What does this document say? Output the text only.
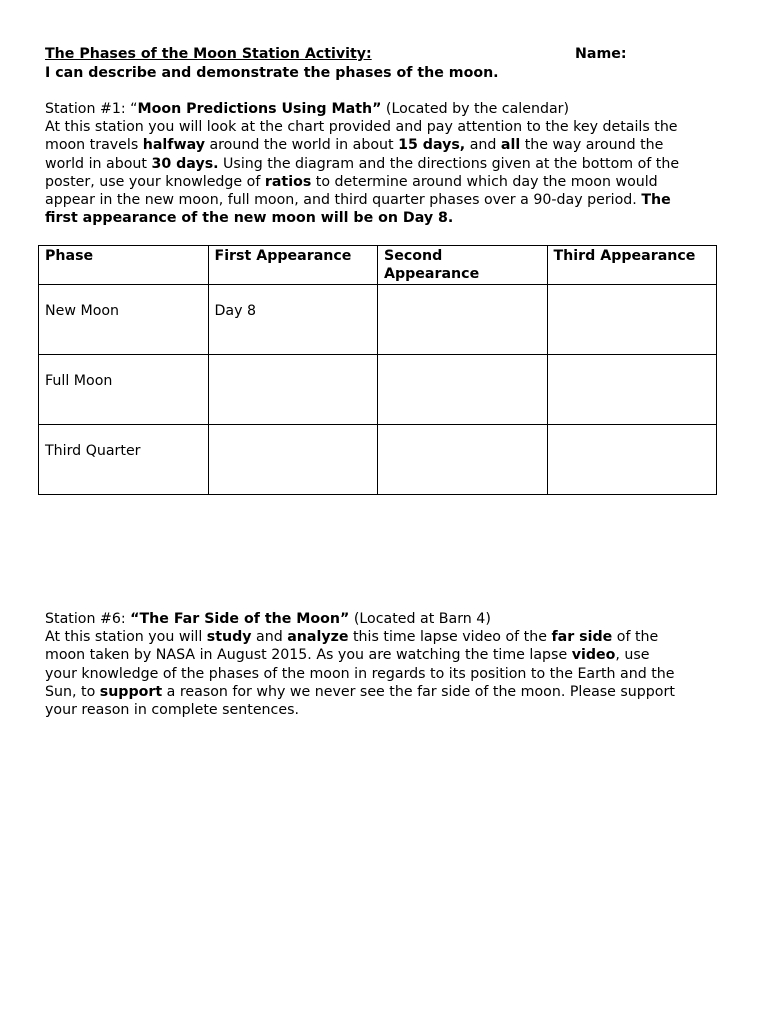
The Phases of the Moon Station Activity:	Name:
I can describe and demonstrate the phases of the moon.
Station #1: “Moon Predictions Using Math” (Located by the calendar)
At this station you will look at the chart provided and pay attention to the key details the
moon travels halfway around the world in about 15 days, and all the way around the
world in about 30 days. Using the diagram and the directions given at the bottom of the
poster, use your knowledge of ratios to determine around which day the moon would
appear in the new moon, full moon, and third quarter phases over a 90-day period. The
first appearance of the new moon will be on Day 8.
Phase	First Appearance	Second Appearance	Third Appearance
New Moon	Day 8		
Full Moon			
Third Quarter			
Station #6: “The Far Side of the Moon” (Located at Barn 4)
At this station you will study and analyze this time lapse video of the far side of the
moon taken by NASA in August 2015. As you are watching the time lapse video, use
your knowledge of the phases of the moon in regards to its position to the Earth and the
Sun, to support a reason for why we never see the far side of the moon. Please support
your reason in complete sentences.
